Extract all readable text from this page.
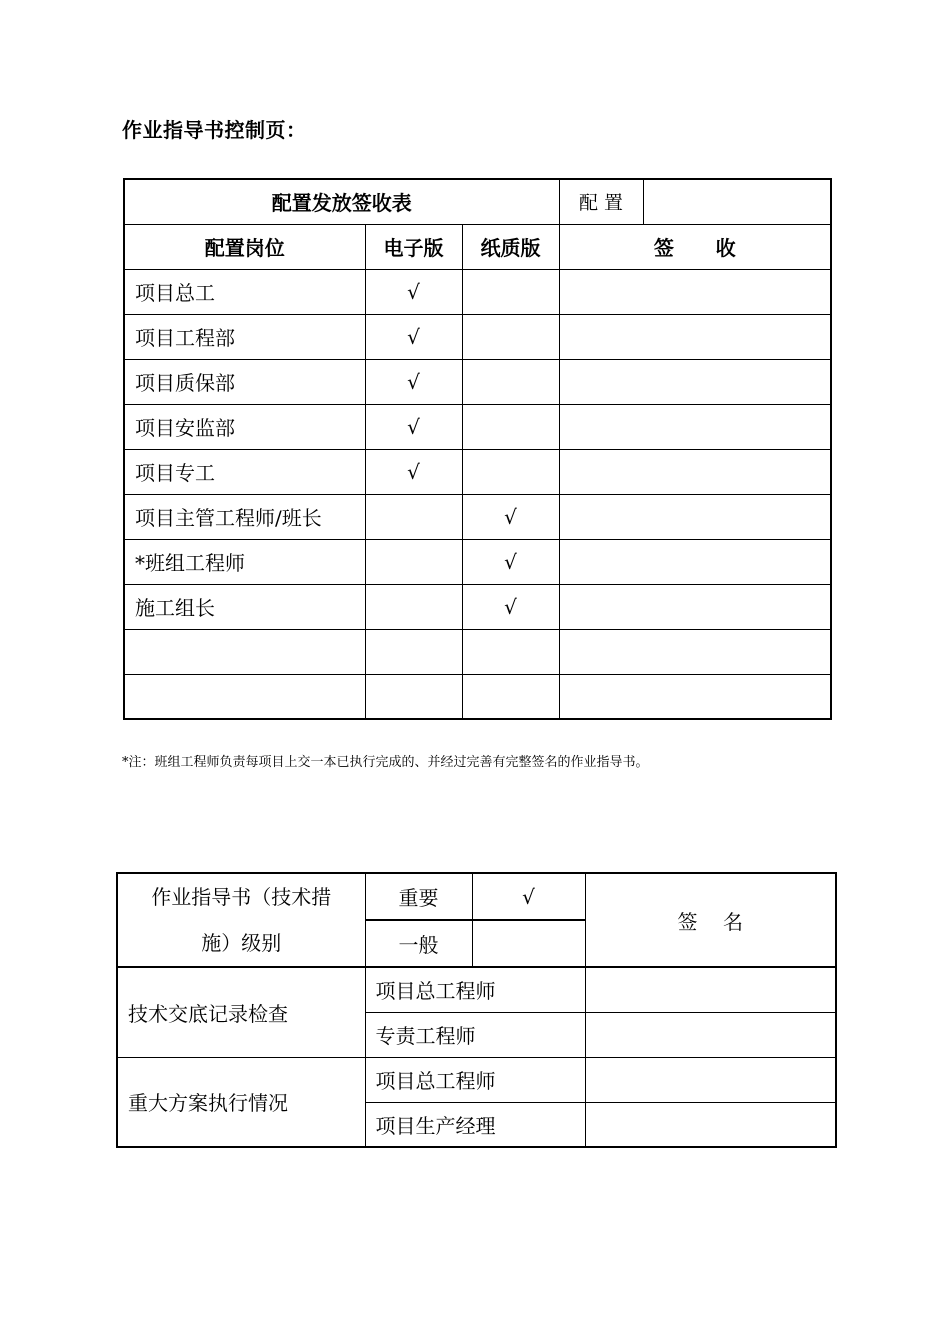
作业指导书控制页：
配置发放签收表			配 置	
配置岗位	电子版	纸质版	签      收	
项目总工	√			
项目工程部	√			
项目质保部	√			
项目安监部	√			
项目专工	√			
项目主管工程师/班长		√		
*班组工程师		√		
施工组长		√		

*注：班组工程师负责每项目上交一本已执行完成的、并经过完善有完整签名的作业指导书。
作业指导书（技术措
施）级别	重要	√	签    名
	一般		
技术交底记录检查	项目总工程师		
	专责工程师		
重大方案执行情况	项目总工程师		
	项目生产经理		
